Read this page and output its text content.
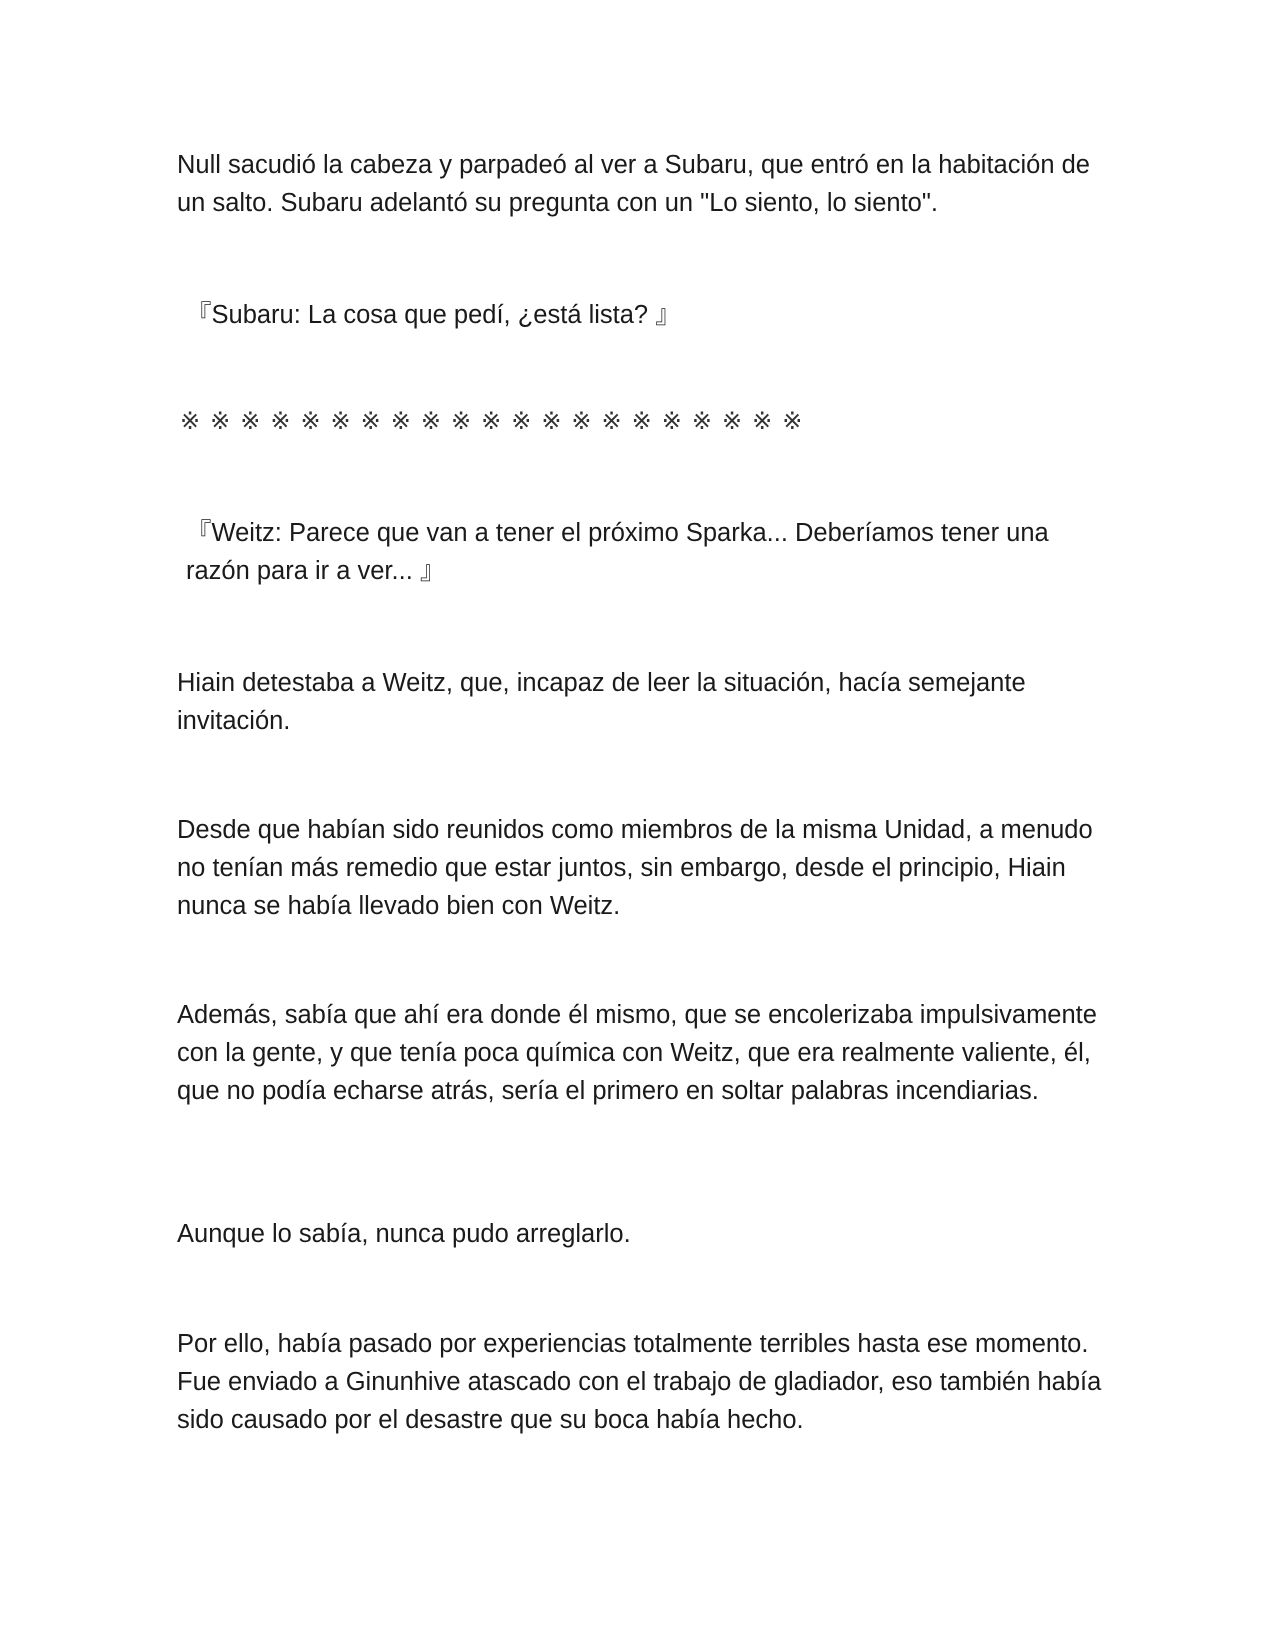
Null sacudió la cabeza y parpadeó al ver a Subaru, que entró en la habitación de un salto. Subaru adelantó su pregunta con un "Lo siento, lo siento".

『Subaru: La cosa que pedí, ¿está lista? 』

※※※※※※※※※※※※※※※※※※※※※

『Weitz: Parece que van a tener el próximo Sparka... Deberíamos tener una razón para ir a ver... 』

Hiain detestaba a Weitz, que, incapaz de leer la situación, hacía semejante invitación.

Desde que habían sido reunidos como miembros de la misma Unidad, a menudo no tenían más remedio que estar juntos, sin embargo, desde el principio, Hiain nunca se había llevado bien con Weitz.

Además, sabía que ahí era donde él mismo, que se encolerizaba impulsivamente con la gente, y que tenía poca química con Weitz, que era realmente valiente, él, que no podía echarse atrás, sería el primero en soltar palabras incendiarias.

Aunque lo sabía, nunca pudo arreglarlo.

Por ello, había pasado por experiencias totalmente terribles hasta ese momento. Fue enviado a Ginunhive atascado con el trabajo de gladiador, eso también había sido causado por el desastre que su boca había hecho.
